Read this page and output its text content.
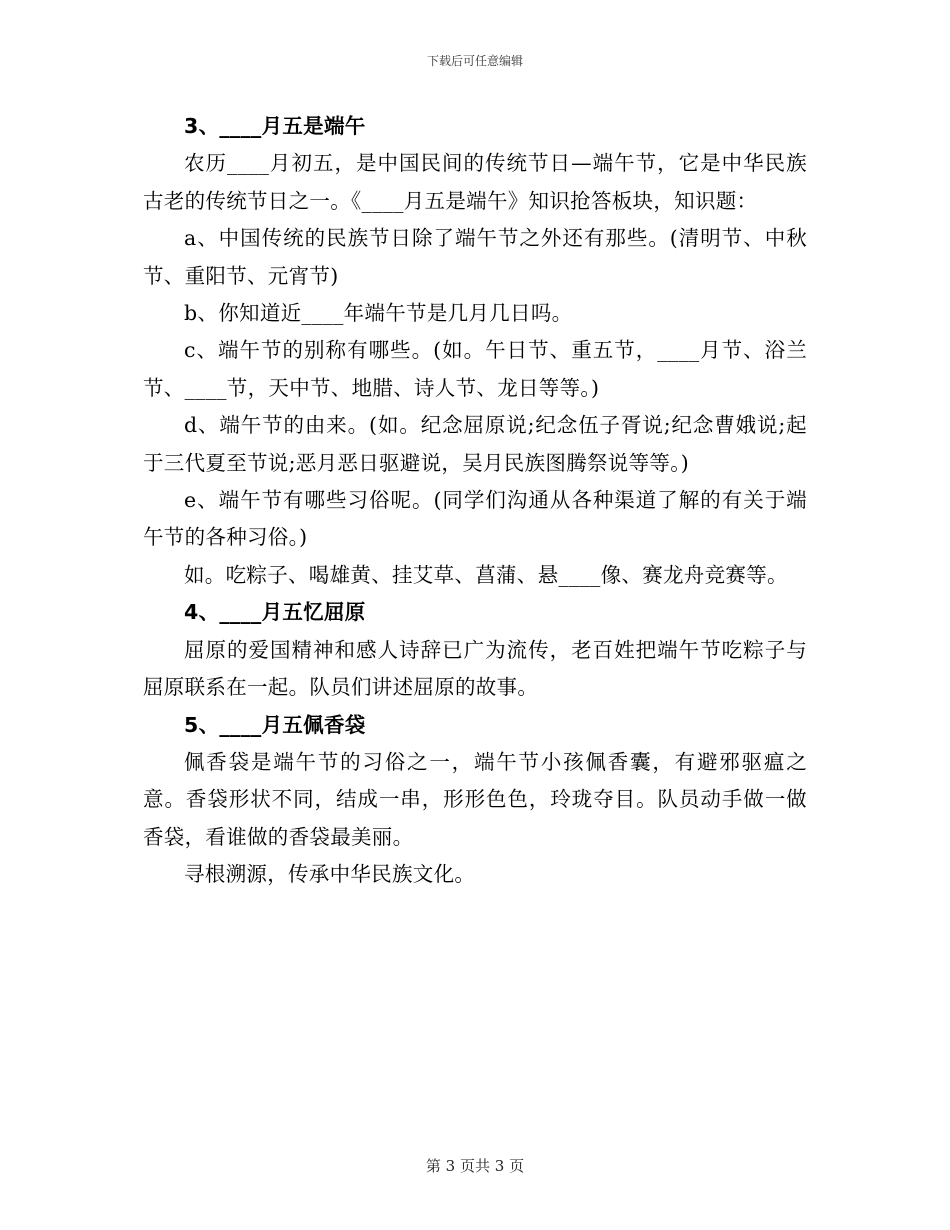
下载后可任意编辑

3、____月五是端午

农历____月初五，是中国民间的传统节日—端午节，它是中华民族古老的传统节日之一。《____月五是端午》知识抢答板块，知识题：

a、中国传统的民族节日除了端午节之外还有那些。(清明节、中秋节、重阳节、元宵节)

b、你知道近____年端午节是几月几日吗。

c、端午节的别称有哪些。(如。午日节、重五节，____月节、浴兰节、____节，天中节、地腊、诗人节、龙日等等。)

d、端午节的由来。(如。纪念屈原说;纪念伍子胥说;纪念曹娥说;起于三代夏至节说;恶月恶日驱避说，吴月民族图腾祭说等等。)

e、端午节有哪些习俗呢。(同学们沟通从各种渠道了解的有关于端午节的各种习俗。)

如。吃粽子、喝雄黄、挂艾草、菖蒲、悬____像、赛龙舟竞赛等。

4、____月五忆屈原

屈原的爱国精神和感人诗辞已广为流传，老百姓把端午节吃粽子与屈原联系在一起。队员们讲述屈原的故事。

5、____月五佩香袋

佩香袋是端午节的习俗之一，端午节小孩佩香囊，有避邪驱瘟之意。香袋形状不同，结成一串，形形色色，玲珑夺目。队员动手做一做香袋，看谁做的香袋最美丽。

寻根溯源，传承中华民族文化。

第 3 页共 3 页
